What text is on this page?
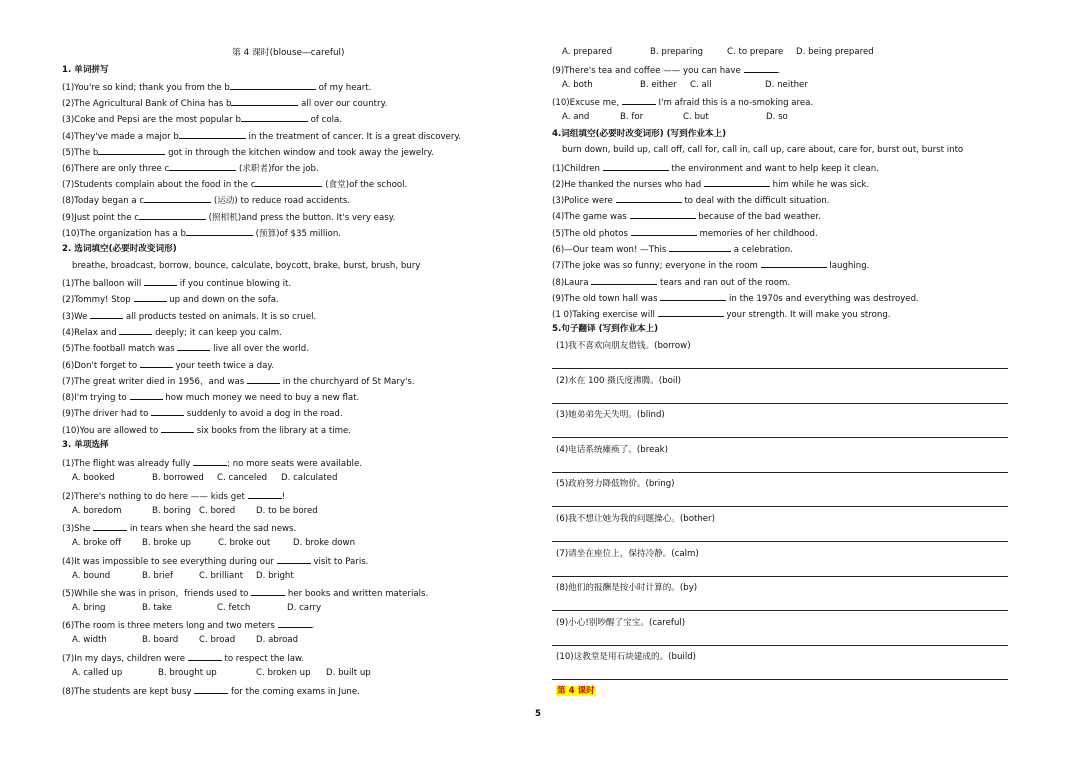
第 4 课时(blouse—careful)
1. 单词拼写
(1)You're so kind; thank you from the b	of my heart.
(2)The Agricultural Bank of China has b	all over our country.
(3)Coke and Pepsi are the most popular b	of cola.
(4)They've made a major b	in the treatment of cancer. It is a great discovery.
(5)The b	got in through the kitchen window and took away the jewelry.
(6)There are only three c	(求职者)for the job.
(7)Students complain about the food in the c	(食堂)of the school.
(8)Today began a c	(运动) to reduce road accidents.
(9)Just point the c	(照相机)and press the button. It's very easy.
(10)The organization has a b	(预算)of $35 million.
2. 选词填空(必要时改变词形)
breathe, broadcast, borrow, bounce, calculate, boycott, brake, burst, brush, bury
(1)The balloon will	if you continue blowing it.
(2)Tommy! Stop	up and down on the sofa.
(3)We	all products tested on animals. It is so cruel.
(4)Relax and	deeply; it can keep you calm.
(5)The football match was	live all over the world.
(6)Don't forget to	your teeth twice a day.
(7)The great writer died in 1956，and was	in the churchyard of St Mary's.
(8)I'm trying to	how much money we need to buy a new flat.
(9)The driver had to	suddenly to avoid a dog in the road.
(10)You are allowed to	six books from the library at a time.
3. 单项选择
(1)The flight was already fully	; no more seats were available.
A. booked	B. borrowed C. canceled D. calculated
(2)There's nothing to do here —— kids get	!
A. boredom	B. boring C. bored D. to be bored
(3)She	in tears when she heard the sad news.
A. broke off B. broke up	C. broke out	D. broke down
(4)It was impossible to see everything during our	visit to Paris.
A. bound	B. brief	C. brilliant D. bright
(5)While she was in prison，friends used to	her books and written materials.
A. bring	B. take	C. fetch	D. carry
(6)The room is three meters long and two meters	.
A. width	B. board C. broad D. abroad
(7)In my days, children were	to respect the law.
A. called up	B. brought up	C. broken up D. built up
(8)The students are kept busy	for the coming exams in June.
A. prepared	B. preparing	C. to prepare D. being prepared
(9)There's tea and coffee —— you can have	.
A. both	B. either C. all	D. neither
(10)Excuse me,	I'm afraid this is a no-smoking area.
A. and	B. for	C. but	D. so
4.词组填空(必要时改变词形) (写到作业本上)
burn down, build up, call off, call for, call in, call up, care about, care for, burst out, burst into
(1)Children	the environment and want to help keep it clean.
(2)He thanked the nurses who had	him while he was sick.
(3)Police were	to deal with the difficult situation.
(4)The game was	because of the bad weather.
(5)The old photos	memories of her childhood.
(6)—Our team won! —This	a celebration.
(7)The joke was so funny; everyone in the room	laughing.
(8)Laura	tears and ran out of the room.
(9)The old town hall was	in the 1970s and everything was destroyed.
(1 0)Taking exercise will	your strength. It will make you strong.
5.句子翻译 (写到作业本上)
(1)我不喜欢向朋友借钱。(borrow)
(2)水在 100 摄氏度沸腾。(boil)
(3)她弟弟先天失明。(blind)
(4)电话系统瘫痪了。(break)
(5)政府努力降低物价。(bring)
(6)我不想让她为我的问题操心。(bother)
(7)请坐在座位上，保持冷静。(calm)
(8)他们的报酬是按小时计算的。(by)
(9)小心!别吵醒了宝宝。(careful)
(10)这教堂是用石块建成的。(build)
第 4 课时
5
